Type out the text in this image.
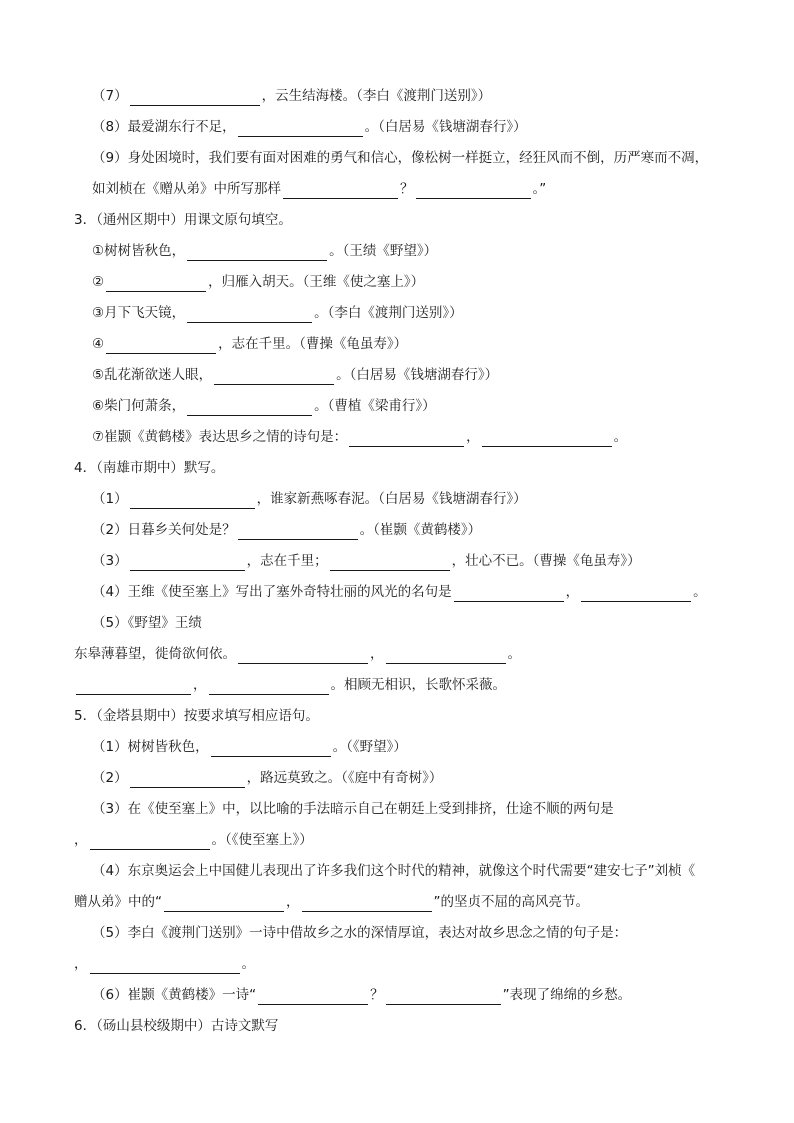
（7）	，云生结海楼。（李白《渡荆门送别》）
（8）最爱湖东行不足，	。（白居易《钱塘湖春行》）
（9）身处困境时，我们要有面对困难的勇气和信心，像松树一样挺立，经狂风而不倒，历严寒而不凋，
如刘桢在《赠从弟》中所写那样	？	。”
3．（通州区期中）用课文原句填空。
①树树皆秋色，	。（王绩《野望》）
②	，归雁入胡天。（王维《使之塞上》）
③月下飞天镜，	。（李白《渡荆门送别》）
④	，志在千里。（曹操《龟虽寿》）
⑤乱花渐欲迷人眼，	。（白居易《钱塘湖春行》）
⑥柴门何萧条，	。（曹植《梁甫行》）
⑦崔颢《黄鹤楼》表达思乡之情的诗句是：	，	。
4．（南雄市期中）默写。
（1）	，谁家新燕啄春泥。（白居易《钱塘湖春行》）
（2）日暮乡关何处是？	。（崔颢《黄鹤楼》）
（3）	，志在千里；	，壮心不已。（曹操《龟虽寿》）
（4）王维《使至塞上》写出了塞外奇特壮丽的风光的名句是	，	。
（5）《野望》王绩
东皋薄暮望，徙倚欲何依。	，	。
，	。相顾无相识，长歌怀采薇。
5．（金塔县期中）按要求填写相应语句。
（1）树树皆秋色，	。（《野望》）
（2）	，路远莫致之。（《庭中有奇树》）
（3）在《使至塞上》中，以比喻的手法暗示自己在朝廷上受到排挤，仕途不顺的两句是
，	。（《使至塞上》）
（4）东京奥运会上中国健儿表现出了许多我们这个时代的精神，就像这个时代需要“建安七子”刘桢《
赠从弟》中的“	，	”的坚贞不屈的高风亮节。
（5）李白《渡荆门送别》一诗中借故乡之水的深情厚谊，表达对故乡思念之情的句子是：
，	。
（6）崔颢《黄鹤楼》一诗“	？	”表现了绵绵的乡愁。
6．（砀山县校级期中）古诗文默写
